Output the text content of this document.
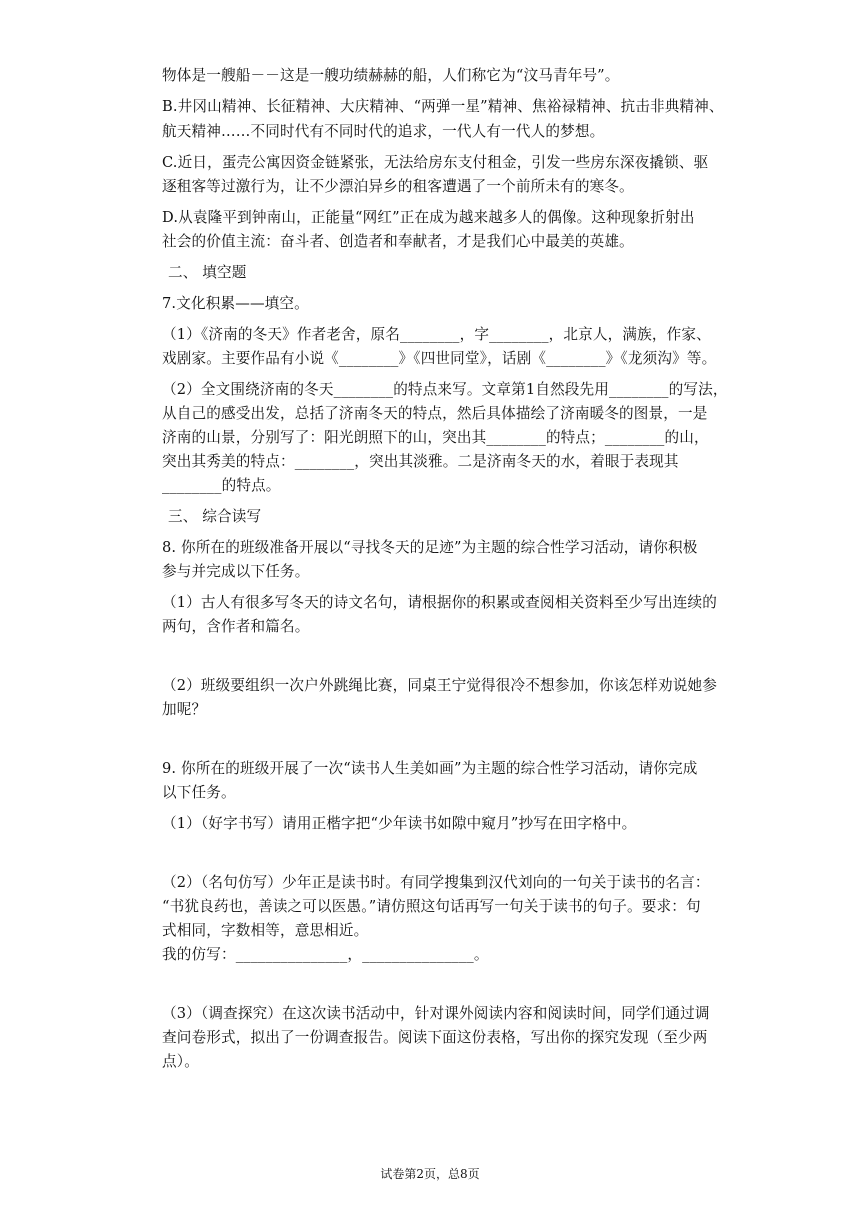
物体是一艘船－－这是一艘功绩赫赫的船，人们称它为“汶马青年号”。
B.井冈山精神、长征精神、大庆精神、“两弹一星”精神、焦裕禄精神、抗击非典精神、
航天精神……不同时代有不同时代的追求，一代人有一代人的梦想。
C.近日，蛋壳公寓因资金链紧张，无法给房东支付租金，引发一些房东深夜撬锁、驱
逐租客等过激行为，让不少漂泊异乡的租客遭遇了一个前所未有的寒冬。
D.从袁隆平到钟南山，正能量“网红”正在成为越来越多人的偶像。这种现象折射出
社会的价值主流：奋斗者、创造者和奉献者，才是我们心中最美的英雄。
二、 填空题
7.文化积累——填空。
（1）《济南的冬天》作者老舍，原名________，字________，北京人，满族，作家、
戏剧家。主要作品有小说《________》《四世同堂》，话剧《________》《龙须沟》等。
（2）全文围绕济南的冬天________的特点来写。文章第1自然段先用________的写法，
从自己的感受出发，总括了济南冬天的特点，然后具体描绘了济南暖冬的图景，一是
济南的山景，分别写了：阳光朗照下的山，突出其________的特点；________的山，
突出其秀美的特点：________，突出其淡雅。二是济南冬天的水，着眼于表现其
________的特点。
三、 综合读写
8. 你所在的班级准备开展以“寻找冬天的足迹”为主题的综合性学习活动，请你积极
参与并完成以下任务。
（1）古人有很多写冬天的诗文名句，请根据你的积累或查阅相关资料至少写出连续的
两句，含作者和篇名。
（2）班级要组织一次户外跳绳比赛，同桌王宁觉得很冷不想参加，你该怎样劝说她参
加呢？
9. 你所在的班级开展了一次“读书人生美如画”为主题的综合性学习活动，请你完成
以下任务。
（1）（好字书写）请用正楷字把“少年读书如隙中窥月”抄写在田字格中。
（2）（名句仿写）少年正是读书时。有同学搜集到汉代刘向的一句关于读书的名言：
“书犹良药也，善读之可以医愚。”请仿照这句话再写一句关于读书的句子。要求：句
式相同，字数相等，意思相近。
我的仿写：_______________，_______________。
（3）（调查探究）在这次读书活动中，针对课外阅读内容和阅读时间，同学们通过调
查问卷形式，拟出了一份调查报告。阅读下面这份表格，写出你的探究发现（至少两
点）。
试卷第2页，总8页
